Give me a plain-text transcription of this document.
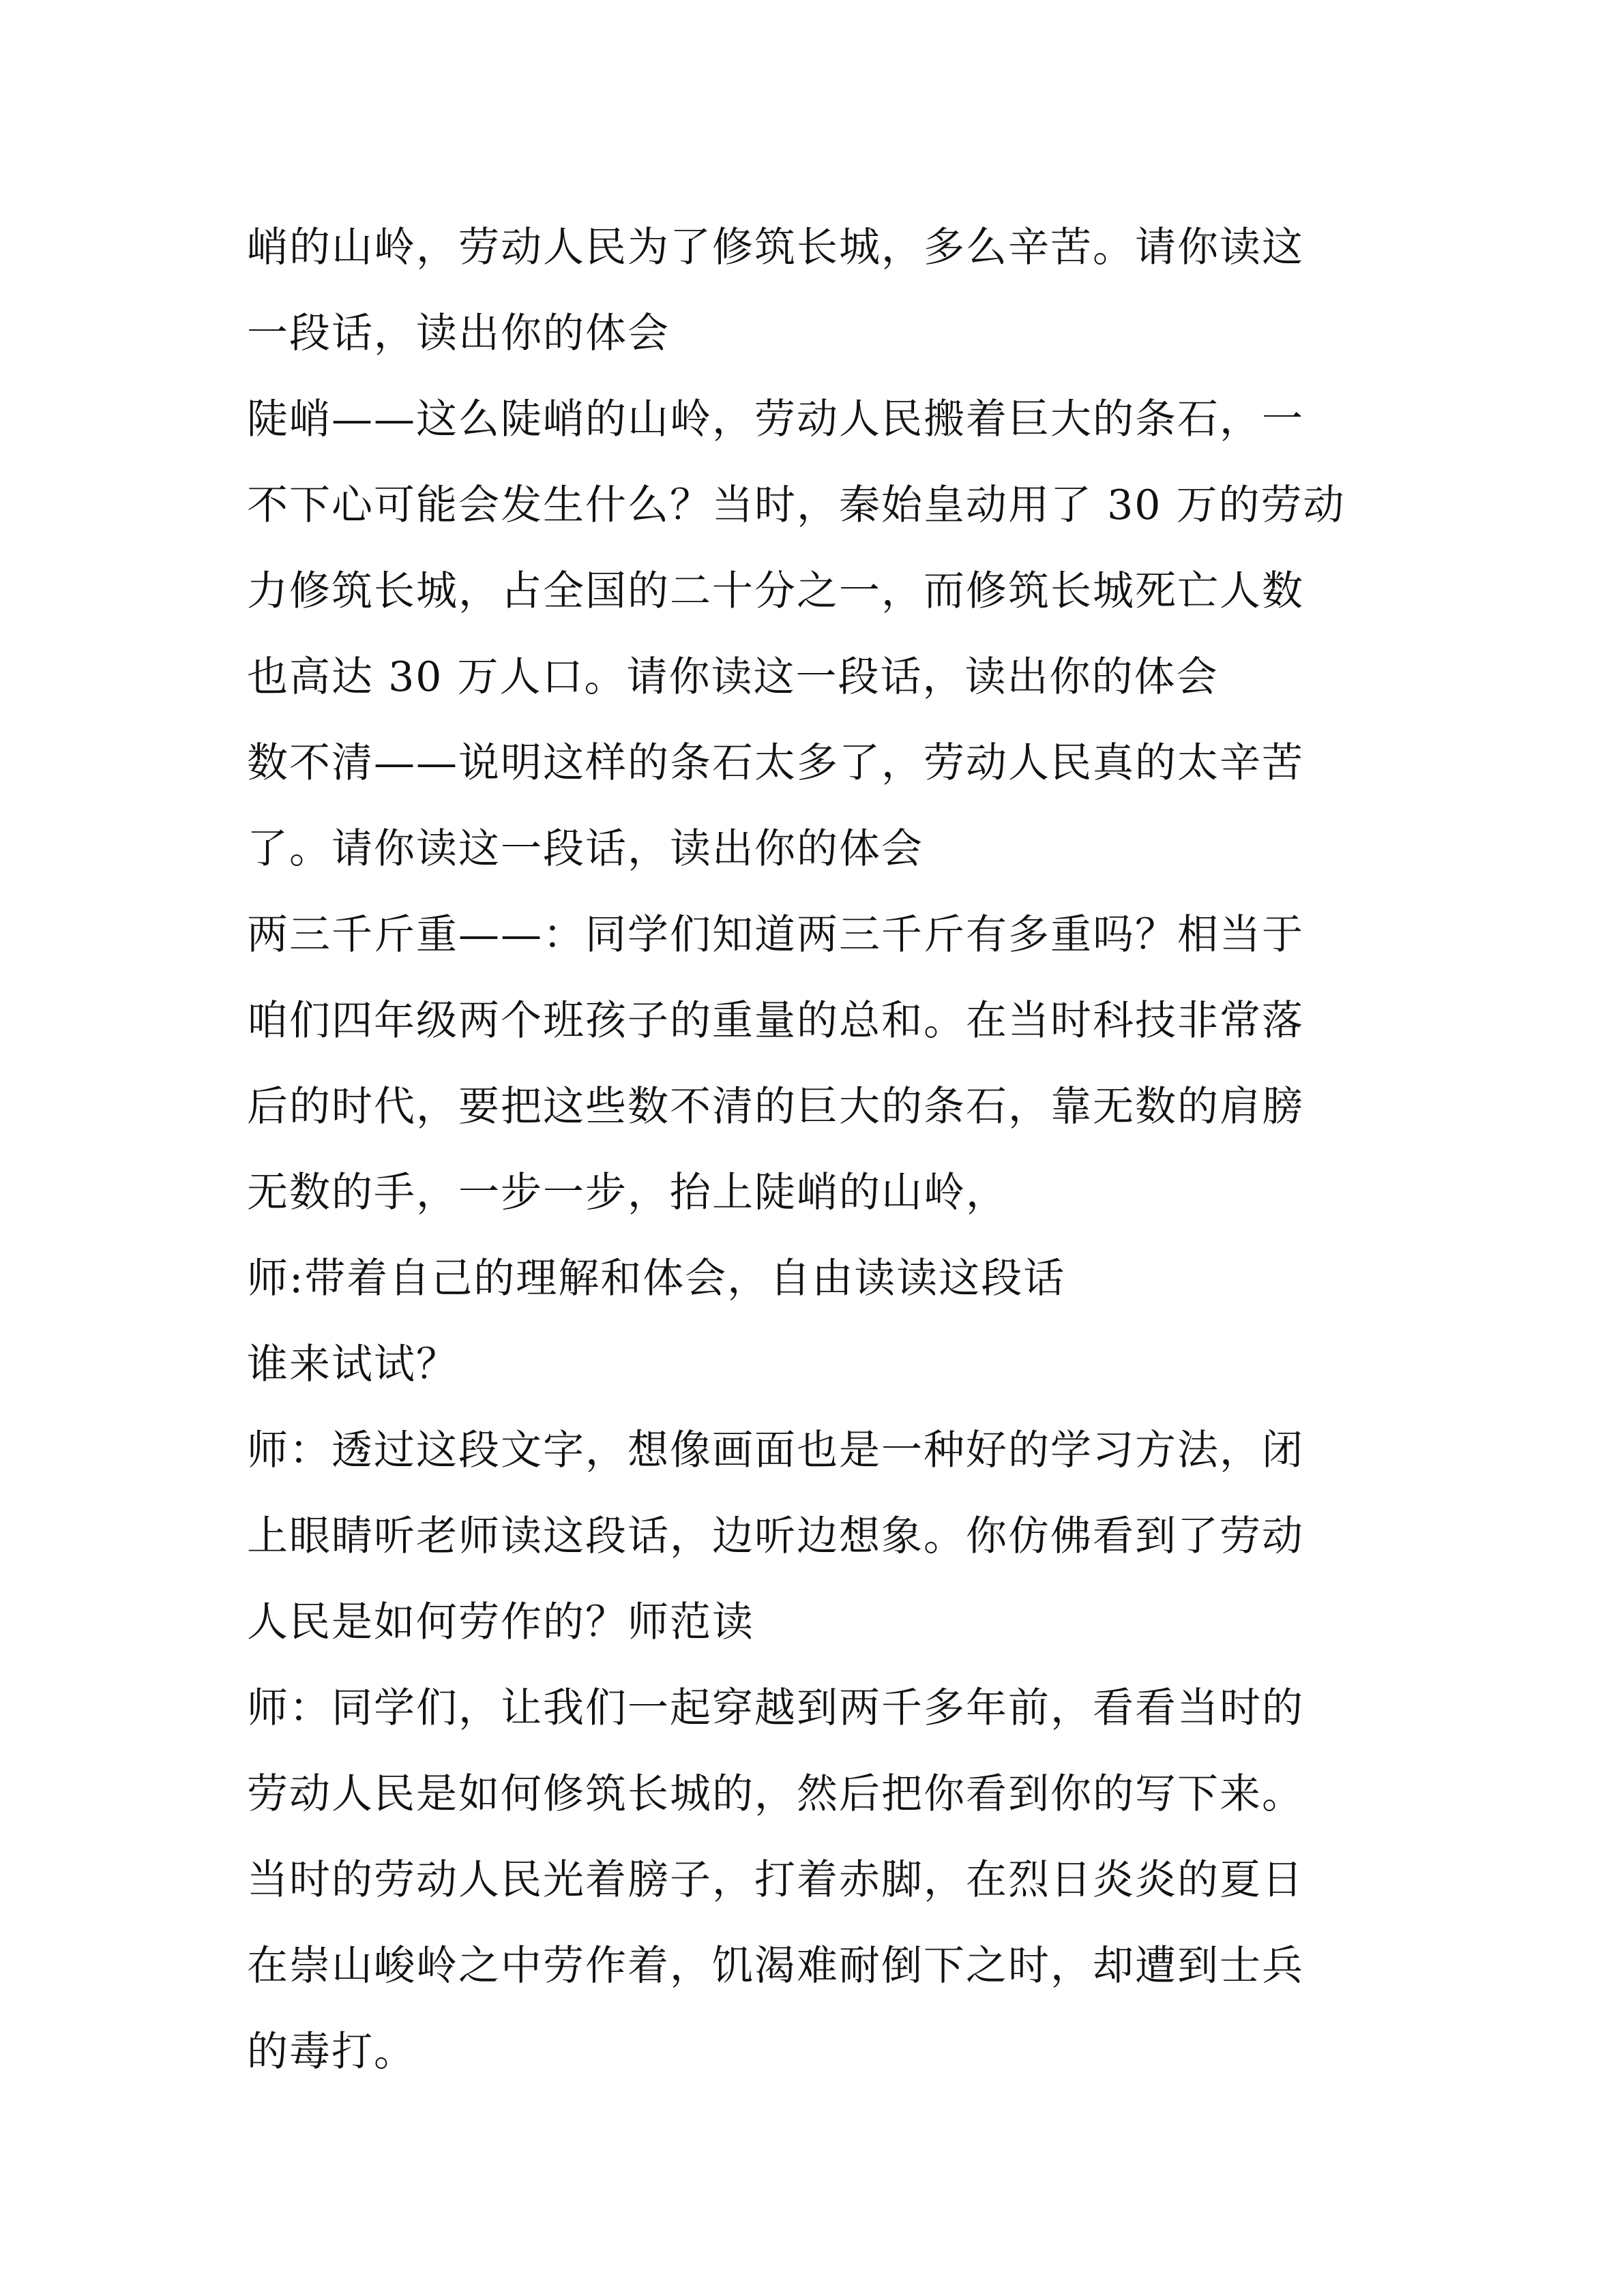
峭的山岭，劳动人民为了修筑长城，多么辛苦。请你读这
一段话，读出你的体会
陡峭——这么陡峭的山岭，劳动人民搬着巨大的条石，一
不下心可能会发生什么？当时，秦始皇动用了 30 万的劳动
力修筑长城，占全国的二十分之一，而修筑长城死亡人数
也高达 30 万人口。请你读这一段话，读出你的体会
数不清——说明这样的条石太多了，劳动人民真的太辛苦
了。请你读这一段话，读出你的体会
两三千斤重——：同学们知道两三千斤有多重吗？相当于
咱们四年级两个班孩子的重量的总和。在当时科技非常落
后的时代，要把这些数不清的巨大的条石，靠无数的肩膀
无数的手，一步一步，抬上陡峭的山岭，
师:带着自己的理解和体会，自由读读这段话
谁来试试？
师：透过这段文字，想像画面也是一种好的学习方法，闭
上眼睛听老师读这段话，边听边想象。你仿佛看到了劳动
人民是如何劳作的？师范读
师：同学们，让我们一起穿越到两千多年前，看看当时的
劳动人民是如何修筑长城的，然后把你看到你的写下来。
当时的劳动人民光着膀子，打着赤脚，在烈日炎炎的夏日
在崇山峻岭之中劳作着，饥渴难耐倒下之时，却遭到士兵
的毒打。
